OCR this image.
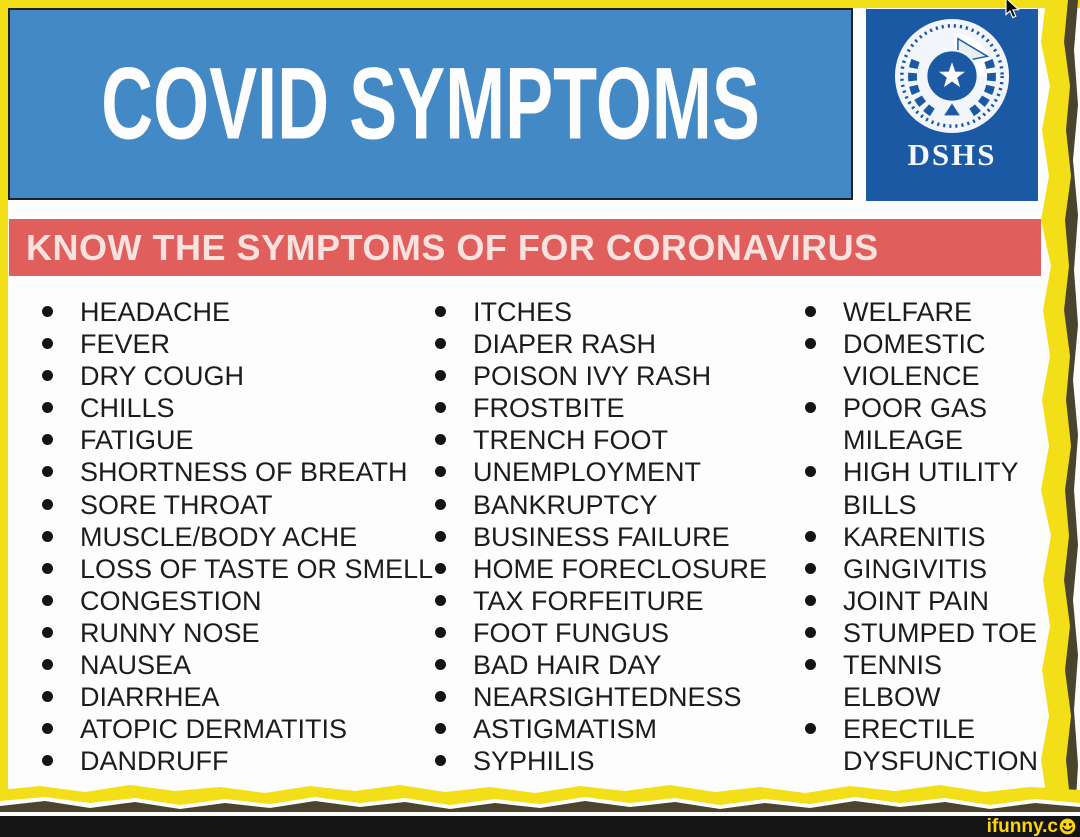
COVID SYMPTOMS	DSHS
KNOW THE SYMPTOMS OF FOR CORONAVIRUS
HEADACHE
FEVER
DRY COUGH
CHILLS
FATIGUE
SHORTNESS OF BREATH
SORE THROAT
MUSCLE/BODY ACHE
LOSS OF TASTE OR SMELL
CONGESTION
RUNNY NOSE
NAUSEA
DIARRHEA
ATOPIC DERMATITIS
DANDRUFF
ITCHES
DIAPER RASH
POISON IVY RASH
FROSTBITE
TRENCH FOOT
UNEMPLOYMENT
BANKRUPTCY
BUSINESS FAILURE
HOME FORECLOSURE
TAX FORFEITURE
FOOT FUNGUS
BAD HAIR DAY
NEARSIGHTEDNESS
ASTIGMATISM
SYPHILIS
WELFARE
DOMESTIC
VIOLENCE
POOR GAS
MILEAGE
HIGH UTILITY
BILLS
KARENITIS
GINGIVITIS
JOINT PAIN
STUMPED TOE
TENNIS
ELBOW
ERECTILE
DYSFUNCTION
ifunny.c
